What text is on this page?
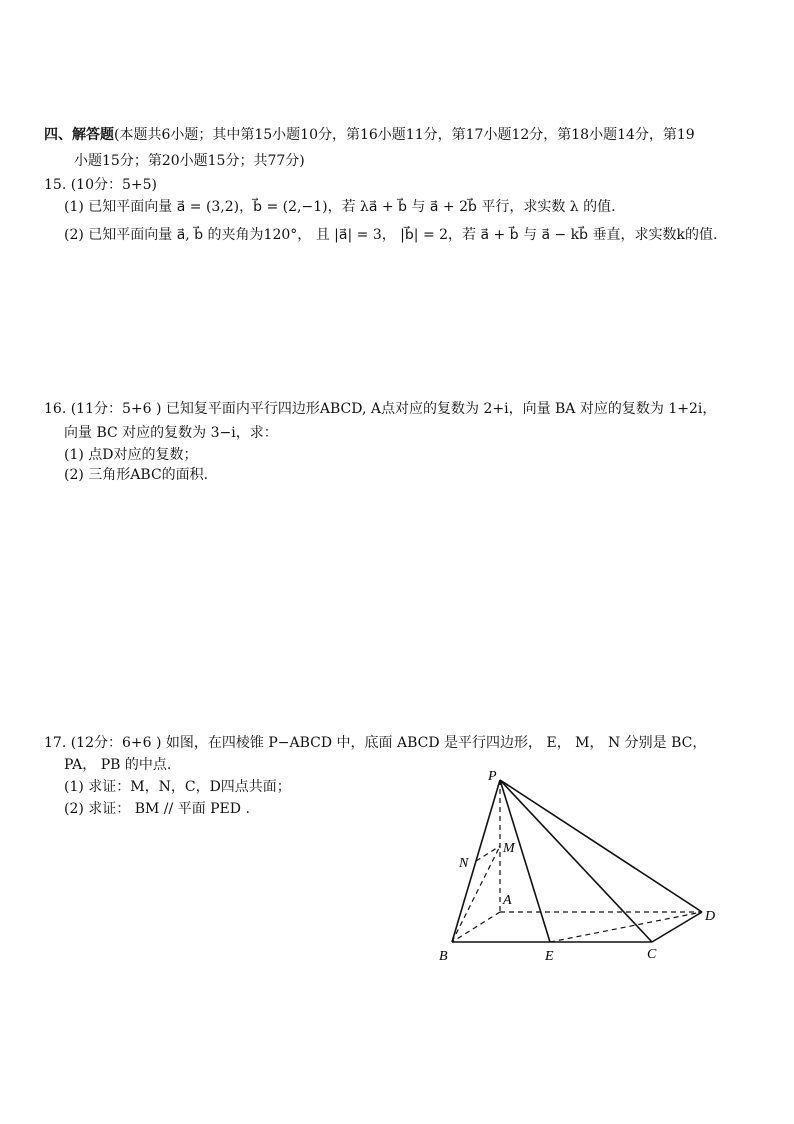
四、解答题(本题共6小题；其中第15小题10分，第16小题11分，第17小题12分，第18小题14分，第19
小题15分；第20小题15分；共77分)
15. (10分：5+5)
(1) 已知平面向量 a⃗ = (3,2)，b⃗ = (2,−1)，若 λa⃗ + b⃗ 与 a⃗ + 2b⃗ 平行，求实数 λ 的值.
(2) 已知平面向量 a⃗, b⃗ 的夹角为120°， 且 |a⃗| = 3， |b⃗| = 2，若 a⃗ + b⃗ 与 a⃗ − kb⃗ 垂直，求实数k的值.
16. (11分：5+6 ) 已知复平面内平行四边形ABCD, A点对应的复数为 2+i，向量 BA 对应的复数为 1+2i，
向量 BC 对应的复数为 3−i，求：
(1) 点D对应的复数；
(2) 三角形ABC的面积.
17. (12分：6+6 ) 如图，在四棱锥 P−ABCD 中，底面 ABCD 是平行四边形， E， M， N 分别是 BC，
PA， PB 的中点.
(1) 求证：M，N，C，D四点共面；
(2) 求证： BM // 平面 PED .
P
M
N
A
B	E	C
D
